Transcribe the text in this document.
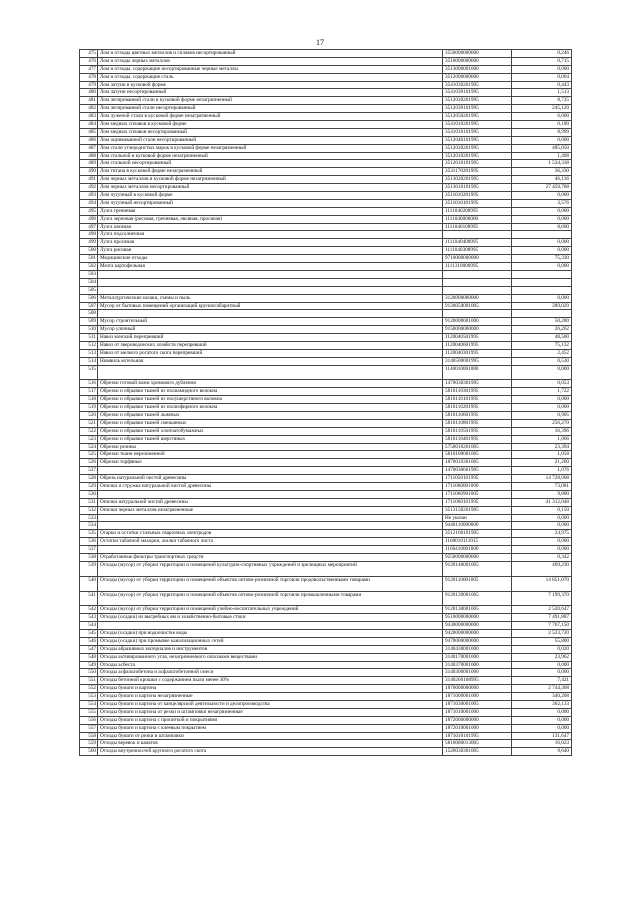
17
475	Лом и отходы цветных металлов и сплавов несортированный	3550000000000	0,246
476	Лом и отходы черных металлов	3510000000000	0,715
477	Лом и отходы, содержащие несортированные черные металлы	3513000001000	0,000
478	Лом и отходы, содержащие сталь	3512000000000	0,004
479	Лом латуни в кусковой форме	3541030201995	0,443
480	Лом латуни несортированный	3541030101995	1,513
481	Лом легированной стали в кусковой форме незагрязненный	3512020201995	8,735
482	Лом легированной стали несортированный	3512030101995	245,120
483	Лом луженой стали в кусковой форме незагрязненный	3512050201995	6,000
484	Лом медных сплавов в кусковой форме	3541010201995	0,180
485	Лом медных сплавов несортированный	3541010101995	8,999
486	Лом оцинкованной стали несортированный	3512040101995	0,000
487	Лом стали углеродистых марок в кусковой форме незагрязненный	3512020201995	485,050
488	Лом стальной в кусковой форме незагрязненный	3512010201995	1,498
489	Лом стальной несортированный	3512010101995	1 534,338
490	Лом титана в кусковой форме незагрязненный	3531170201995	36,330
491	Лом черных металлов в кусковой форме незагрязненный	3513020201995	46,136
492	Лом черных металлов несортированный	3513010101995	27 459,788
493	Лом чугунный в кусковой форме	3511010201995	0,000
494	Лом чугунный несортированный	3511010101995	3,576
495	Лузга гречневая	1111040208995	0,000
496	Лузга зерновая (рисовая, гречневая, овсяная, просяная)	1111040008000	0,000
497	Лузга овсяная	1111040108995	8,600
498	Лузга подсолнечная		
499	Лузга просяная	1111040408995	0,000
500	Лузга рисовая	1111040308995	0,000
501	Медицинские отходы	9710000000000	75,330
502	Мезга картофельная	1111310000995	0,000
503			
504			
505			
506	Металлургические шлаки, съемы и пыль	3120000000000	0,000
507	Мусор от бытовых помещений организаций крупногабаритный	9120050001005	289,029
508			
509	Мусор строительный	9120000001000	50,280
510	Мусор уличный	9150000000000	26,262
511	Навоз конский перепревший	1120040501995	48,500
512	Навоз от звероводческих хозяйств перепревший	1120040601995	75,132
513	Навоз от мелкого рогатого скота перепревший	1120040301995	2,452
514	Нимвиль котельная	3140500001995	0,530
515		1140010001000	0,000
516	Обрезки готовой кожи хромового дубления	1470030301995	0,053
517	Обрезки и обрывки тканей из полиамидного волокна	5810110301995	1,722
518	Обрезки и обрывки тканей из полушерстяного волокна	5810110101995	0,000
519	Обрезки и обрывки тканей из полиэфирного волокна	5810110201995	0,000
520	Обрезки и обрывки тканей льняных	5810110601995	0,905
521	Обрезки и обрывки тканей смешанных	5810110801995	256,270
522	Обрезки и обрывки тканей хлопчатобумажных	5810110501995	16,396
523	Обрезки и обрывки тканей шерстяных	5810110401995	1,066
524	Обрезки резины	5750010201005	23,394
525	Обрезки ткани нерезиненной	5810100001005	1,058
526	Обрезки торфяные	1870010301005	21,200
527		1470030601995	1,076
528	Обрезь натуральной чистой древесины	1711050101995	14 728,008
529	Опилки и стружка натуральной чистой древесины	1711060001000	73,081
530		1711060901005	9,800
531	Опилки натуральной чистой древесины	1711060101995	41 312,048
532	Опилки черных металлов незагрязненные	3513150201995	0,150
533		Не указан	0,000
534		9440110000000	0,000
535	Огарки и остатки стальных сварочных электродов	3512160101995	24,975
536	Остатки табачной махорки, жилки табачного листа	1160010111015	0,000
537		1160410001000	0,000
538	Отработанные фильтры транспортных средств	9250000000000	0,342
539	Отходы (мусор) от уборки территории и помещений культурно-спортивных учреждений и зрелищных мероприятий	9120140001005	469,230
540	Отходы (мусор) от уборки территории и помещений объектов оптово-розничной торговли продовольственными товарами	9120110001005	14 851,070
541	Отходы (мусор) от уборки территории и помещений объектов оптово-розничной торговли промышленными товарами	9120120001005	7 199,370
542	Отходы (мусор) от уборки территории и помещений учебно-воспитательных учреждений	9120130001005	2 520,647
543	Отходы (осадки) из выгребных ям и хозяйственно-бытовые стоки	9510000000000	7 491,887
544		9430000000000	7 767,150
545	Отходы (осадки) при водоочистке воды	9420000000000	2 523,720
546	Отходы (осадки) при промывке канализационных сетей	9470000000000	55,800
547	Отходы абразивных материалов и инструментов	3140430001000	0,020
548	Отходы активированного угля, незагрязненного опасными веществами	3140170001000	23,962
549	Отходы асбеста	3140370001000	0,000
550	Отходы асфальтобетона и асфальтобетонной смеси	3140300001000	0,000
551	Отходы бетонной крошки с содержанием пыли менее 30%	3140260108995	7,421
552	Отходы бумаги и картона	1870000000000	2 744,368
553	Отходы бумаги и картона незагрязненные	1871000001000	340,208
554	Отходы бумаги и картона от канцелярской деятельности и делопроизводства	1871030001005	362,133
555	Отходы бумаги и картона от резки и штамповки незагрязненные	1871010001000	0,000
556	Отходы бумаги и картона с пропиткой и покрытиями	1872000000000	0,000
557	Отходы бумаги и картона с клеевым покрытием	1872010001000	0,000
558	Отходы бумаги от резки и штамповки	1871010101995	131,647
559	Отходы веревок и канатов	5810080013005	16,023
560	Отходы внутренностей крупного рогатого скота	1520030301005	9,640
